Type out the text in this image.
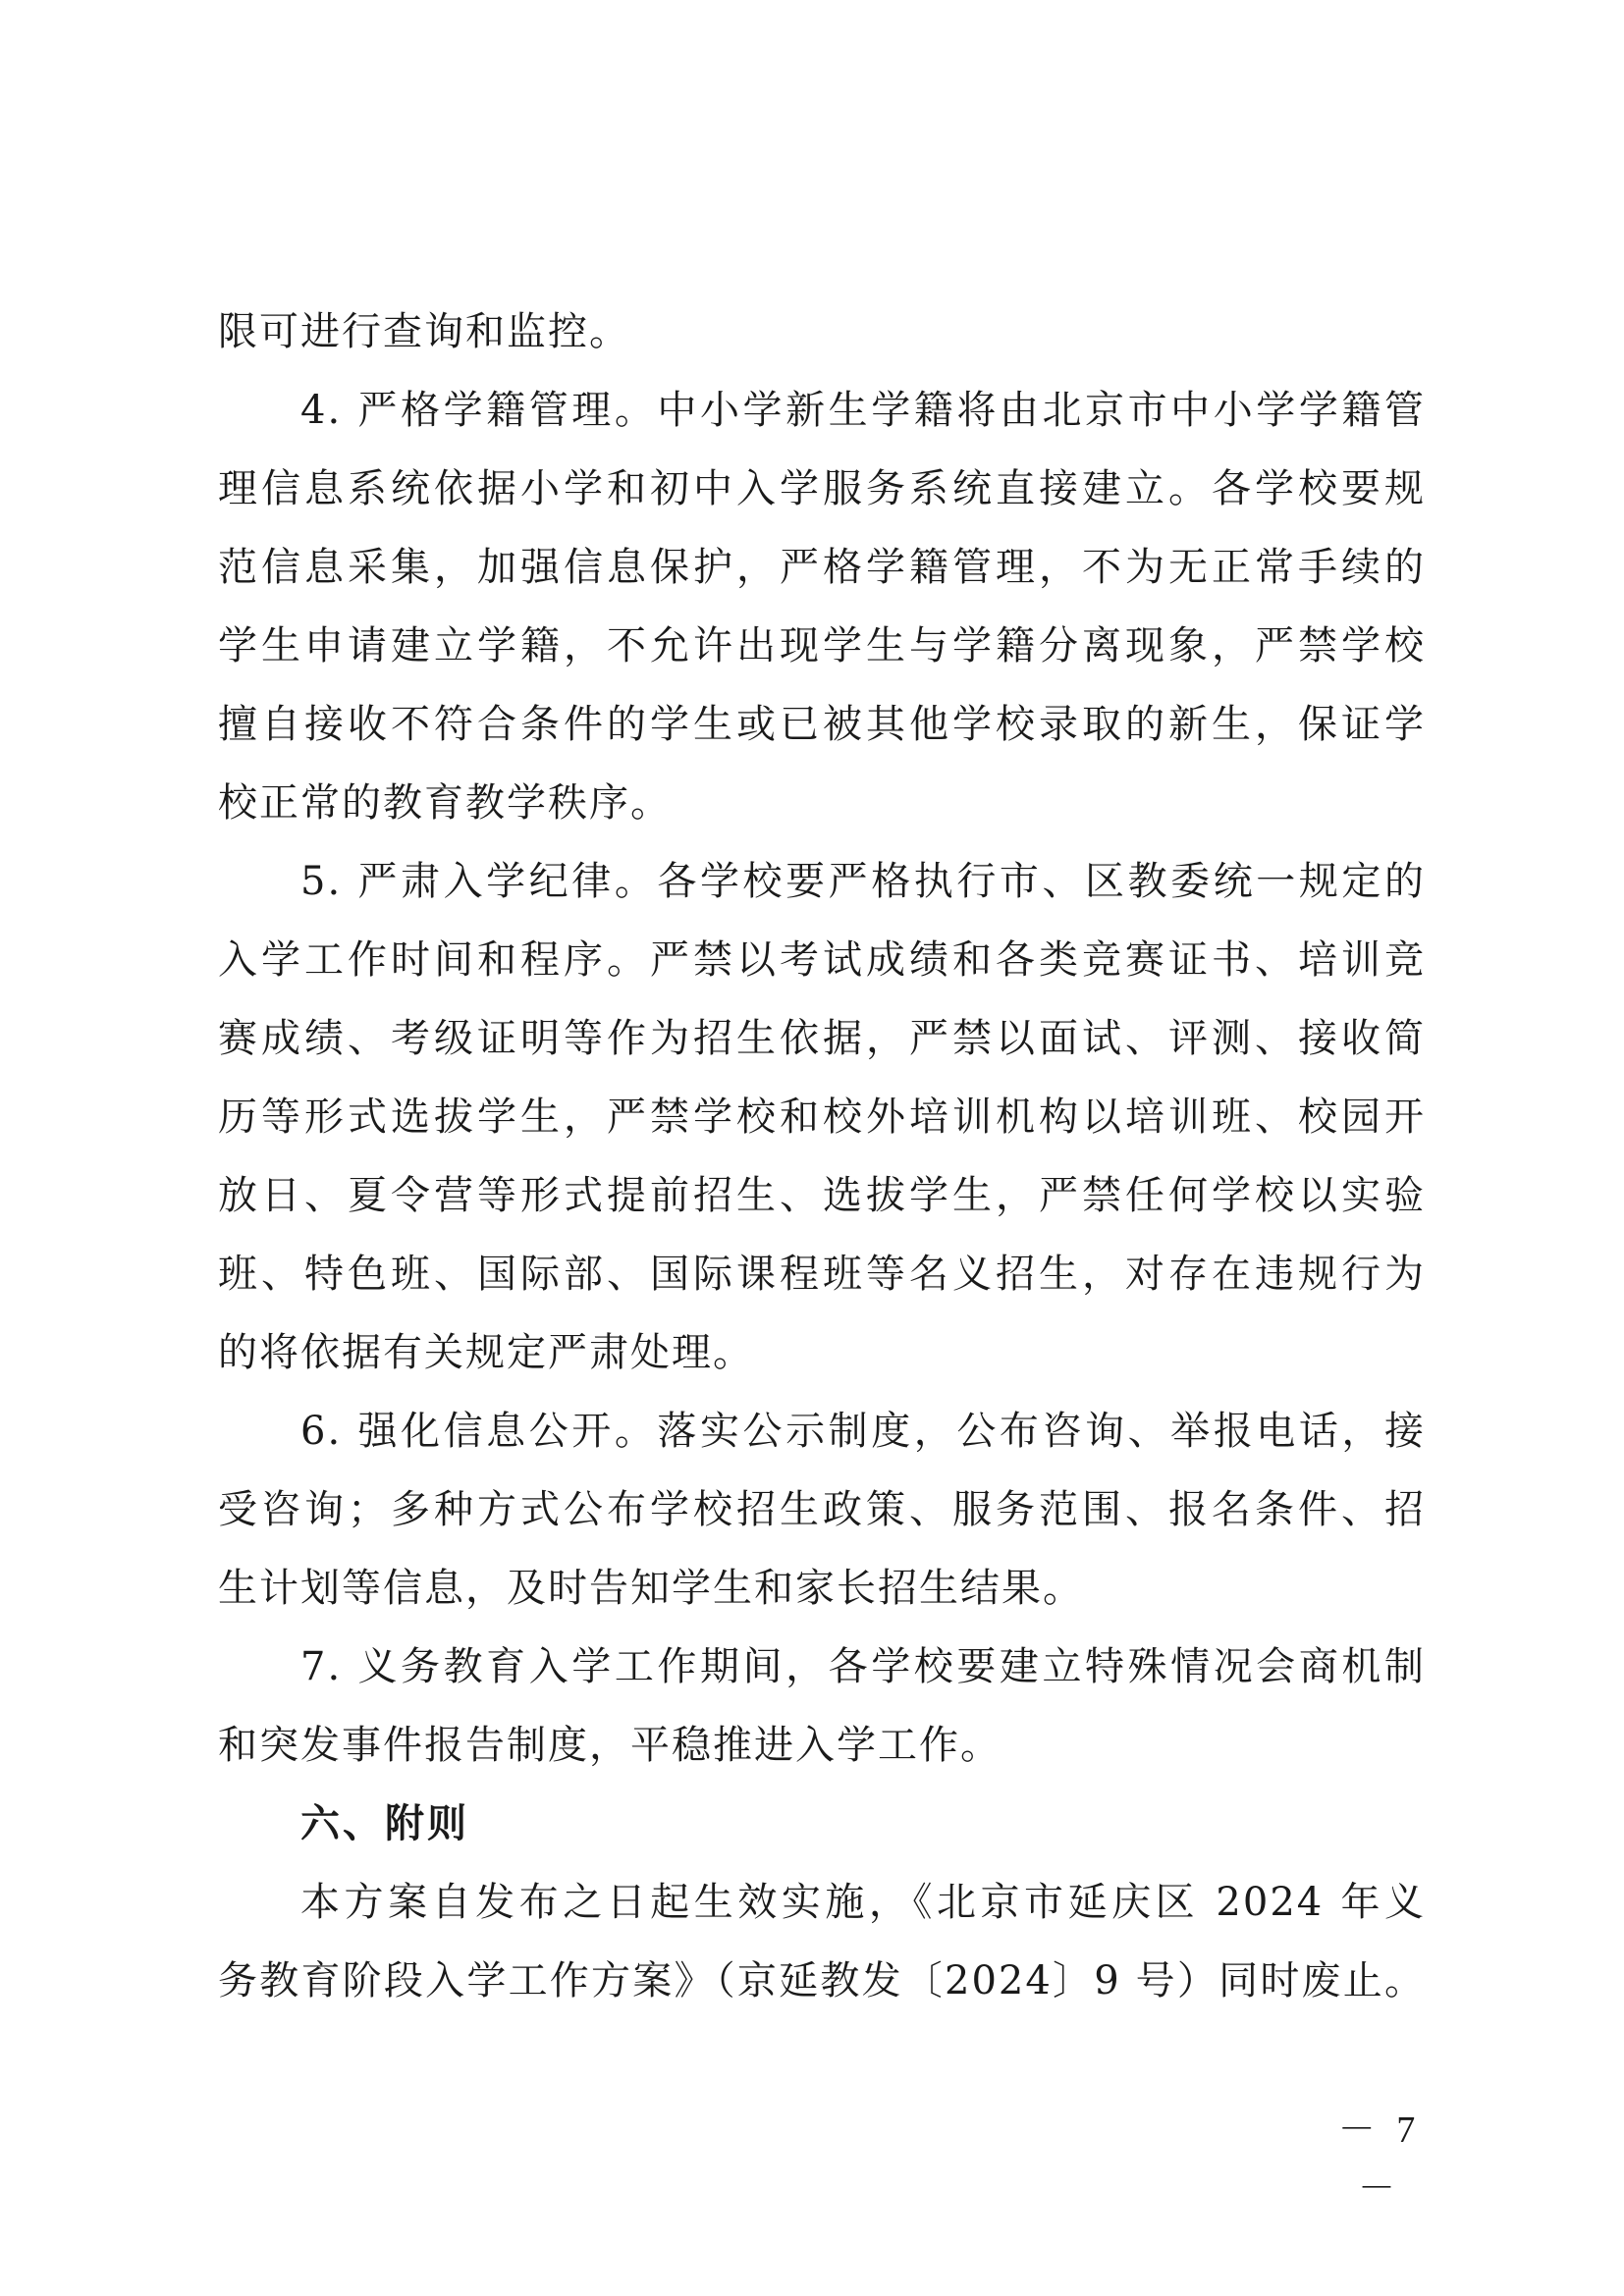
限可进行查询和监控。
4. 严格学籍管理。中小学新生学籍将由北京市中小学学籍管
理信息系统依据小学和初中入学服务系统直接建立。各学校要规
范信息采集，加强信息保护，严格学籍管理，不为无正常手续的
学生申请建立学籍，不允许出现学生与学籍分离现象，严禁学校
擅自接收不符合条件的学生或已被其他学校录取的新生，保证学
校正常的教育教学秩序。
5. 严肃入学纪律。各学校要严格执行市、区教委统一规定的
入学工作时间和程序。严禁以考试成绩和各类竞赛证书、培训竞
赛成绩、考级证明等作为招生依据，严禁以面试、评测、接收简
历等形式选拔学生，严禁学校和校外培训机构以培训班、校园开
放日、夏令营等形式提前招生、选拔学生，严禁任何学校以实验
班、特色班、国际部、国际课程班等名义招生，对存在违规行为
的将依据有关规定严肃处理。
6. 强化信息公开。落实公示制度，公布咨询、举报电话，接
受咨询；多种方式公布学校招生政策、服务范围、报名条件、招
生计划等信息，及时告知学生和家长招生结果。
7. 义务教育入学工作期间，各学校要建立特殊情况会商机制
和突发事件报告制度，平稳推进入学工作。
六、附则
本方案自发布之日起生效实施，《北京市延庆区 2024 年义
务教育阶段入学工作方案》（京延教发〔2024〕9 号）同时废止。
－ 7 －
